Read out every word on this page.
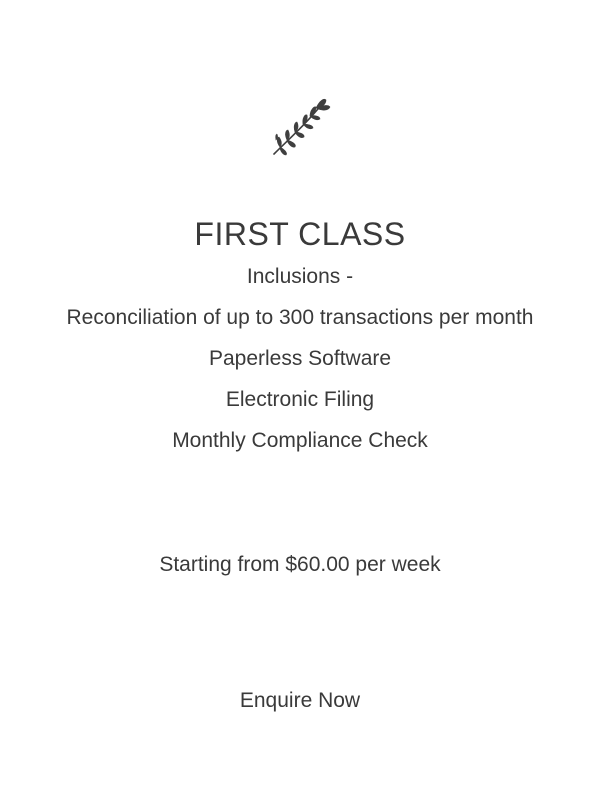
FIRST CLASS
Inclusions -
Reconciliation of up to 300 transactions per month
Paperless Software
Electronic Filing
Monthly Compliance Check

Starting from $60.00 per week

Enquire Now
